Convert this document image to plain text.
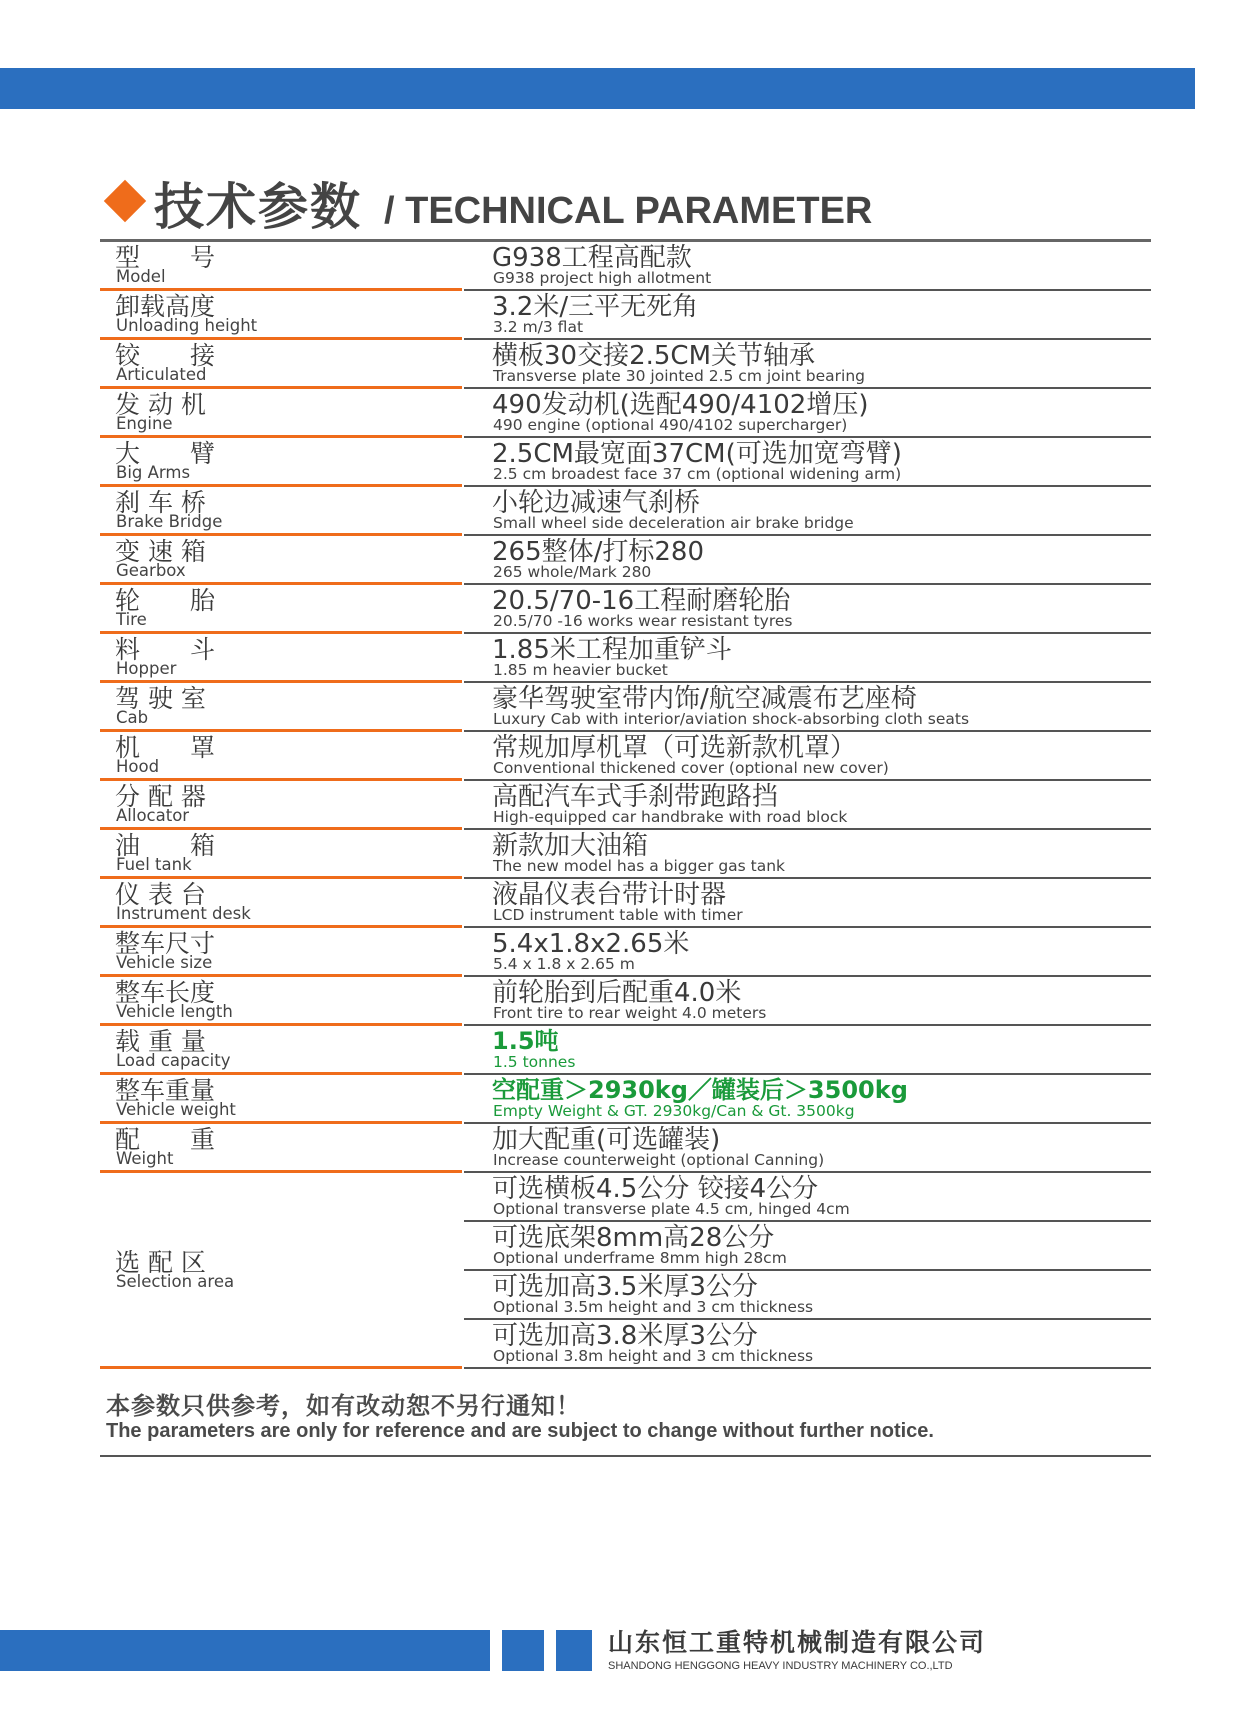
技术参数 / TECHNICAL PARAMETER
型　　号
Model
G938工程高配款
G938 project high allotment
卸载高度
Unloading height
3.2米/三平无死角
3.2 m/3 flat
铰　　接
Articulated
横板30交接2.5CM关节轴承
Transverse plate 30 jointed 2.5 cm joint bearing
发 动 机
Engine
490发动机(选配490/4102增压)
490 engine (optional 490/4102 supercharger)
大　　臂
Big Arms
2.5CM最宽面37CM(可选加宽弯臂)
2.5 cm broadest face 37 cm (optional widening arm)
刹 车 桥
Brake Bridge
小轮边减速气刹桥
Small wheel side deceleration air brake bridge
变 速 箱
Gearbox
265整体/打标280
265 whole/Mark 280
轮　　胎
Tire
20.5/70-16工程耐磨轮胎
20.5/70 -16 works wear resistant tyres
料　　斗
Hopper
1.85米工程加重铲斗
1.85 m heavier bucket
驾 驶 室
Cab
豪华驾驶室带内饰/航空减震布艺座椅
Luxury Cab with interior/aviation shock-absorbing cloth seats
机　　罩
Hood
常规加厚机罩（可选新款机罩）
Conventional thickened cover (optional new cover)
分 配 器
Allocator
高配汽车式手刹带跑路挡
High-equipped car handbrake with road block
油　　箱
Fuel tank
新款加大油箱
The new model has a bigger gas tank
仪 表 台
Instrument desk
液晶仪表台带计时器
LCD instrument table with timer
整车尺寸
Vehicle size
5.4x1.8x2.65米
5.4 x 1.8 x 2.65 m
整车长度
Vehicle length
前轮胎到后配重4.0米
Front tire to rear weight 4.0 meters
载 重 量
Load capacity
1.5吨
1.5 tonnes
整车重量
Vehicle weight
空配重＞2930kg／罐装后＞3500kg
Empty Weight & GT. 2930kg/Can & Gt. 3500kg
配　　重
Weight
加大配重(可选罐装)
Increase counterweight (optional Canning)
选 配 区
Selection area
可选横板4.5公分 铰接4公分
Optional transverse plate 4.5 cm, hinged 4cm
可选底架8mm高28公分
Optional underframe 8mm high 28cm
可选加高3.5米厚3公分
Optional 3.5m height and 3 cm thickness
可选加高3.8米厚3公分
Optional 3.8m height and 3 cm thickness
本参数只供参考，如有改动恕不另行通知！
The parameters are only for reference and are subject to change without further notice.
山东恒工重特机械制造有限公司
SHANDONG HENGGONG HEAVY INDUSTRY MACHINERY CO.,LTD
